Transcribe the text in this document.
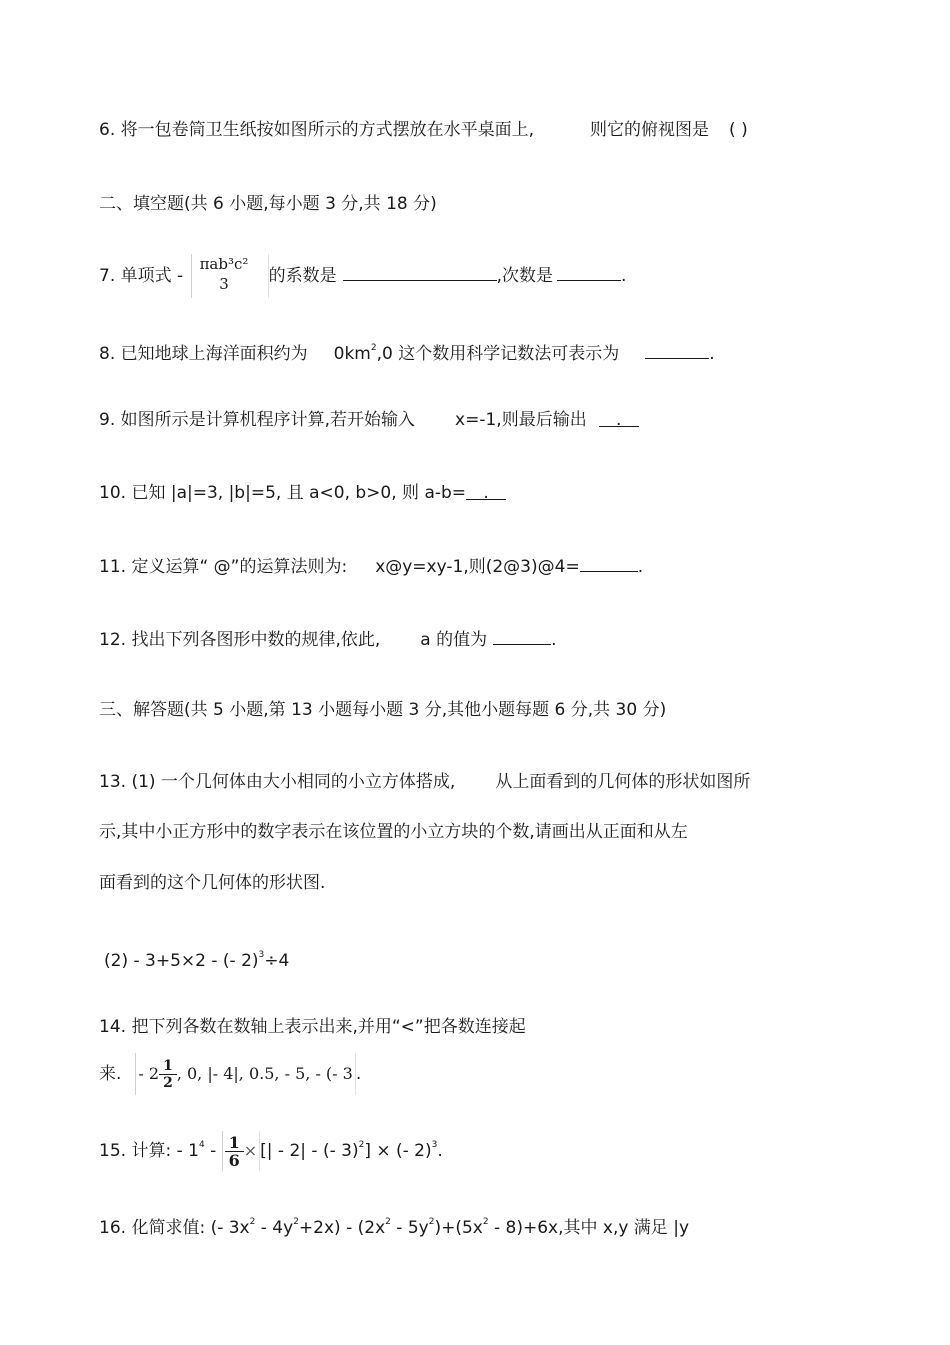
6. 将一包卷筒卫生纸按如图所示的方式摆放在水平桌面上,	则它的俯视图是 ( )
二、填空题(共 6 小题,每小题 3 分,共 18 分)
7. 单项式 -
πab³c²
3	的系数是	,次数是	.
8. 已知地球上海洋面积约为 $0km^2,0$ 这个数用科学记数法可表示为	.
9. 如图所示是计算机程序计算,若开始输入 x=-1,则最后输出.
10. 已知 |a|=3, |b|=5, 且 a<0, b>0, 则 a-b=.
11. 定义运算“ @”的运算法则为: x@y=xy-1,则(2@3)@4=	.
12. 找出下列各图形中数的规律,依此, a 的值为	.
三、解答题(共 5 小题,第 13 小题每小题 3 分,其他小题每题 6 分,共 30 分)
13. (1) 一个几何体由大小相同的小立方体搭成, 从上面看到的几何体的形状如图所
示,其中小正方形中的数字表示在该位置的小立方块的个数,请画出从正面和从左
面看到的这个几何体的形状图.
(2) - 3+5×2 - (- 2)$^3$÷4
14. 把下列各数在数轴上表示出来,并用“<”把各数连接起
来. - $2 \frac{1}{2}$ , 0, |- 4|, 0.5, - 5, - (- 3 .
15. 计算: - $1^4 - \frac{1}{6}$ × [| - 2| - (- 3)$^2$] × (- 2)$^3$.
16. 化简求值: (- $3x^2 - 4y^2+2x) - (2x^2 - 5y^2)+(5x^2 - 8)+6x$,其中 x,y 满足 |y
